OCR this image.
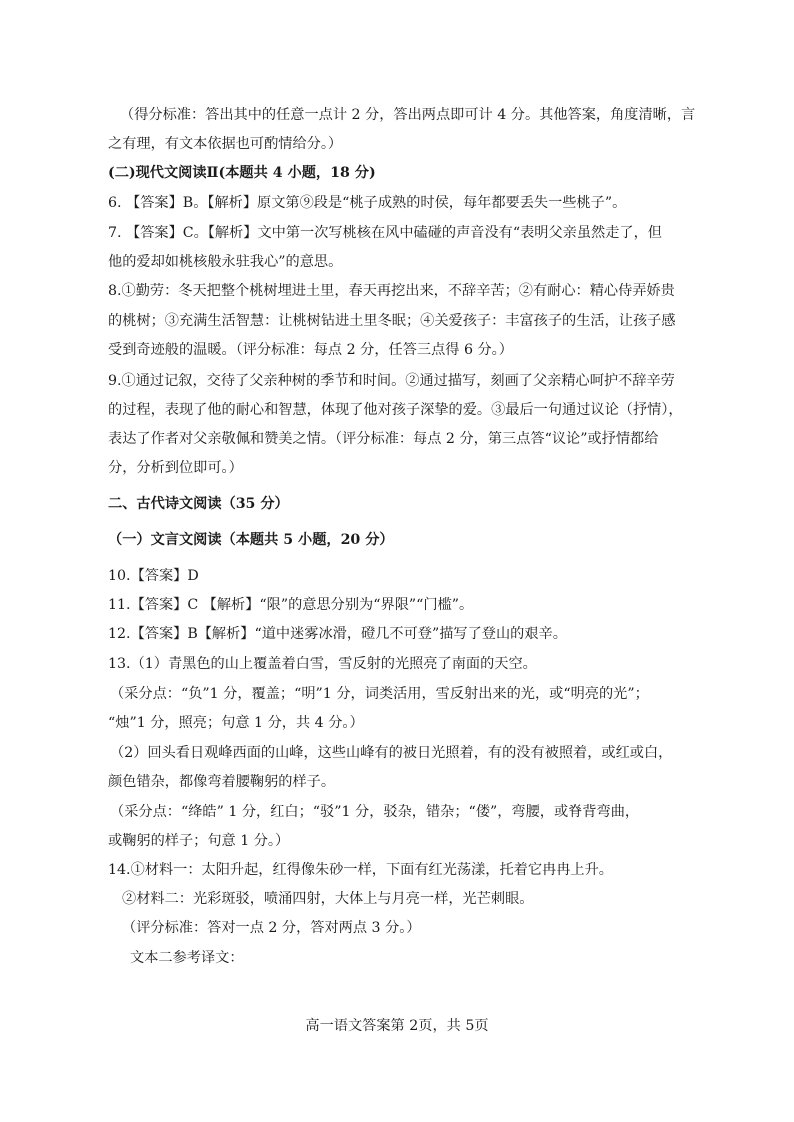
（得分标准：答出其中的任意一点计 2 分，答出两点即可计 4 分。其他答案，角度清晰，言
之有理，有文本依据也可酌情给分。）
(二)现代文阅读Ⅱ(本题共 4 小题，18 分)
6. 【答案】B。【解析】原文第⑨段是“桃子成熟的时侯，每年都要丢失一些桃子”。
7. 【答案】C。【解析】文中第一次写桃核在风中磕碰的声音没有“表明父亲虽然走了，但
他的爱却如桃核般永驻我心”的意思。
8.①勤劳：冬天把整个桃树埋进土里，春天再挖出来，不辞辛苦；②有耐心：精心侍弄娇贵
的桃树；③充满生活智慧：让桃树钻进土里冬眠；④关爱孩子：丰富孩子的生活，让孩子感
受到奇迹般的温暖。（评分标准：每点 2 分，任答三点得 6 分。）
9.①通过记叙，交待了父亲种树的季节和时间。②通过描写，刻画了父亲精心呵护不辞辛劳
的过程，表现了他的耐心和智慧，体现了他对孩子深挚的爱。③最后一句通过议论（抒情），
表达了作者对父亲敬佩和赞美之情。（评分标准：每点 2 分，第三点答“议论”或抒情都给
分，分析到位即可。）
二、古代诗文阅读（35 分）
（一）文言文阅读（本题共 5 小题，20 分）
10.【答案】D
11.【答案】C 【解析】“限”的意思分别为“界限”“门槛”。
12.【答案】B【解析】“道中迷雾冰滑，磴几不可登”描写了登山的艰辛。
13.（1）青黑色的山上覆盖着白雪，雪反射的光照亮了南面的天空。
（采分点：“负”1 分，覆盖；“明”1 分，词类活用，雪反射出来的光，或“明亮的光”；
“烛”1 分，照亮；句意 1 分，共 4 分。）
（2）回头看日观峰西面的山峰，这些山峰有的被日光照着，有的没有被照着，或红或白，
颜色错杂，都像弯着腰鞠躬的样子。
（采分点：“绛皓” 1 分，红白；“驳”1 分，驳杂，错杂；“偻”，弯腰，或脊背弯曲，
或鞠躬的样子；句意 1 分。）
14.①材料一：太阳升起，红得像朱砂一样，下面有红光荡漾，托着它冉冉上升。
②材料二：光彩斑驳，喷涌四射，大体上与月亮一样，光芒刺眼。
（评分标准：答对一点 2 分，答对两点 3 分。）
文本二参考译文：
高一语文答案第 2页，共 5页
